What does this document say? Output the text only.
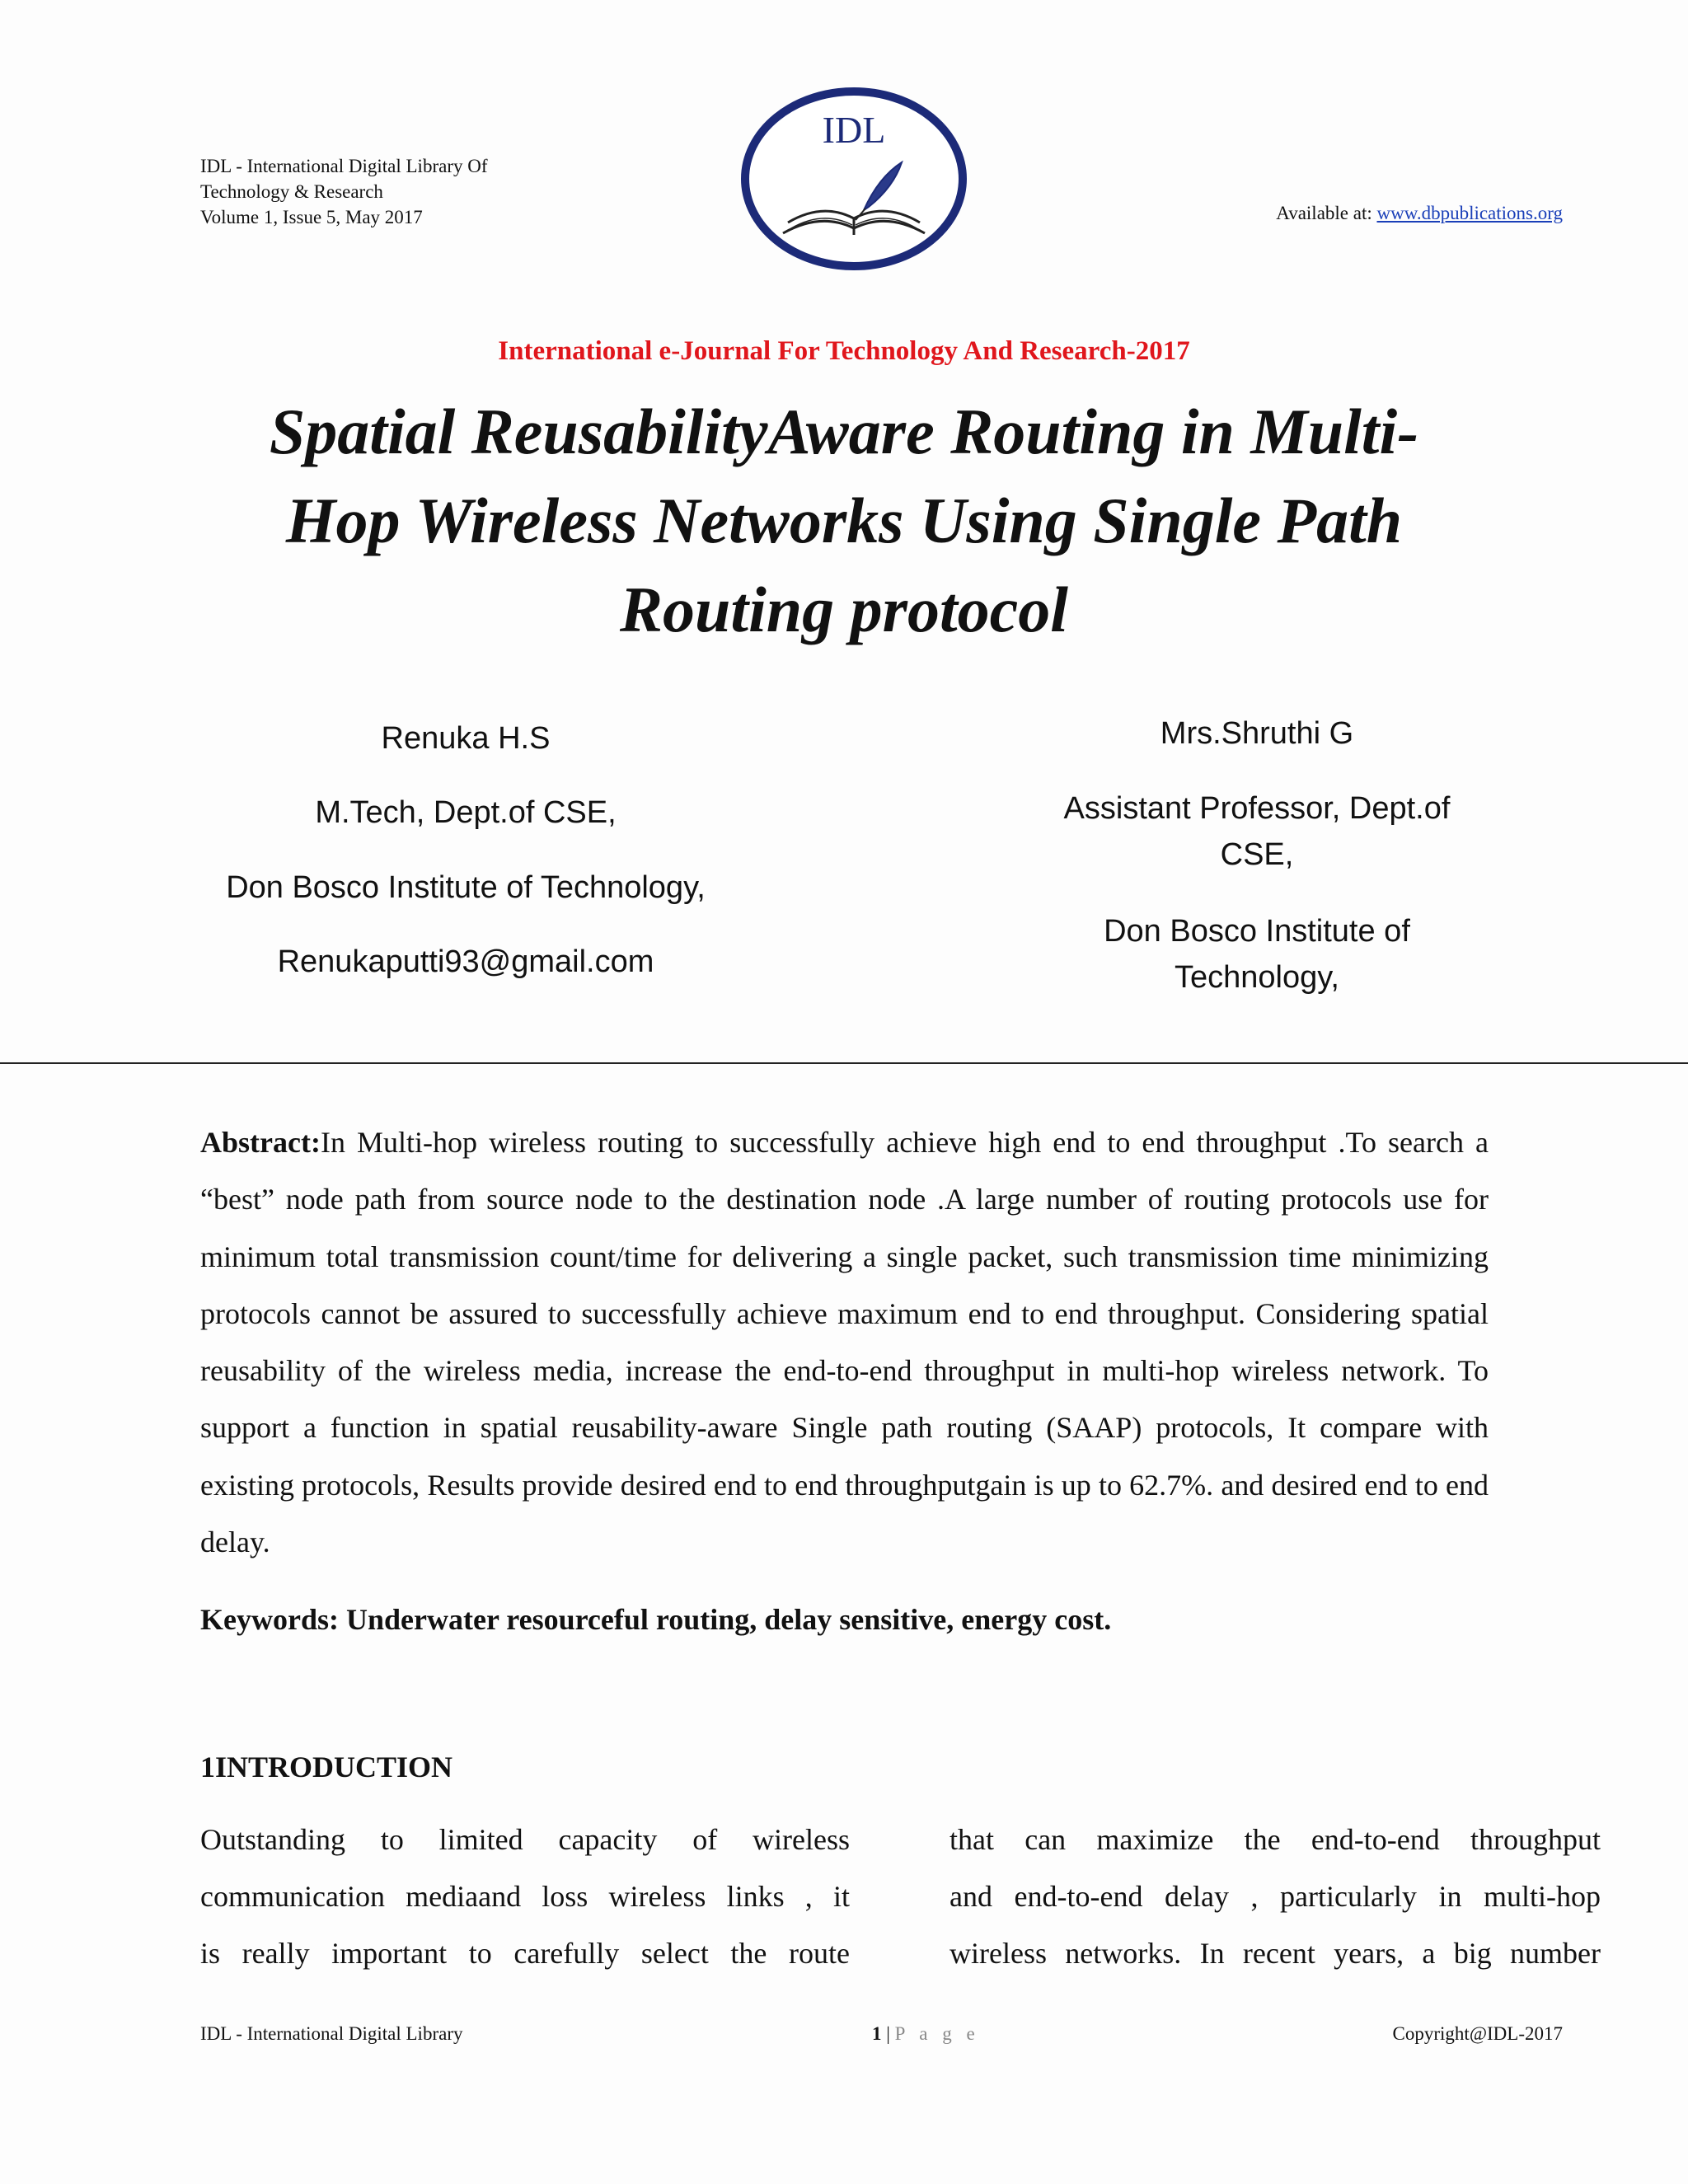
IDL - International Digital Library Of
Technology & Research
Volume 1, Issue 5, May 2017
IDL
Available at: www.dbpublications.org
International e-Journal For Technology And Research-2017
Spatial ReusabilityAware Routing in Multi-
Hop Wireless Networks Using Single Path
Routing protocol
Renuka H.S
M.Tech, Dept.of CSE,
Don Bosco Institute of Technology,
Renukaputti93@gmail.com
Mrs.Shruthi G
Assistant Professor, Dept.of
CSE,
Don Bosco Institute of
Technology,
Abstract:In Multi-hop wireless routing to successfully achieve high end to end throughput .To search a “best” node path from source node to the destination node .A large number of routing protocols use for minimum total transmission count/time for delivering a single packet, such transmission time minimizing protocols cannot be assured to successfully achieve maximum end to end throughput. Considering spatial reusability of the wireless media, increase the end-to-end throughput in multi-hop wireless network. To support a function in spatial reusability-aware Single path routing (SAAP) protocols, It compare with existing protocols, Results provide desired end to end throughputgain is up to 62.7%. and desired end to end delay.
Keywords: Underwater resourceful routing, delay sensitive, energy cost.
1INTRODUCTION
Outstanding to limited capacity of wireless
communication mediaand loss wireless links , it
is really important to carefully select the route
that can maximize the end-to-end throughput
and end-to-end delay , particularly in multi-hop
wireless networks. In recent years, a big number
IDL - International Digital Library	1 | P a g e	Copyright@IDL-2017
